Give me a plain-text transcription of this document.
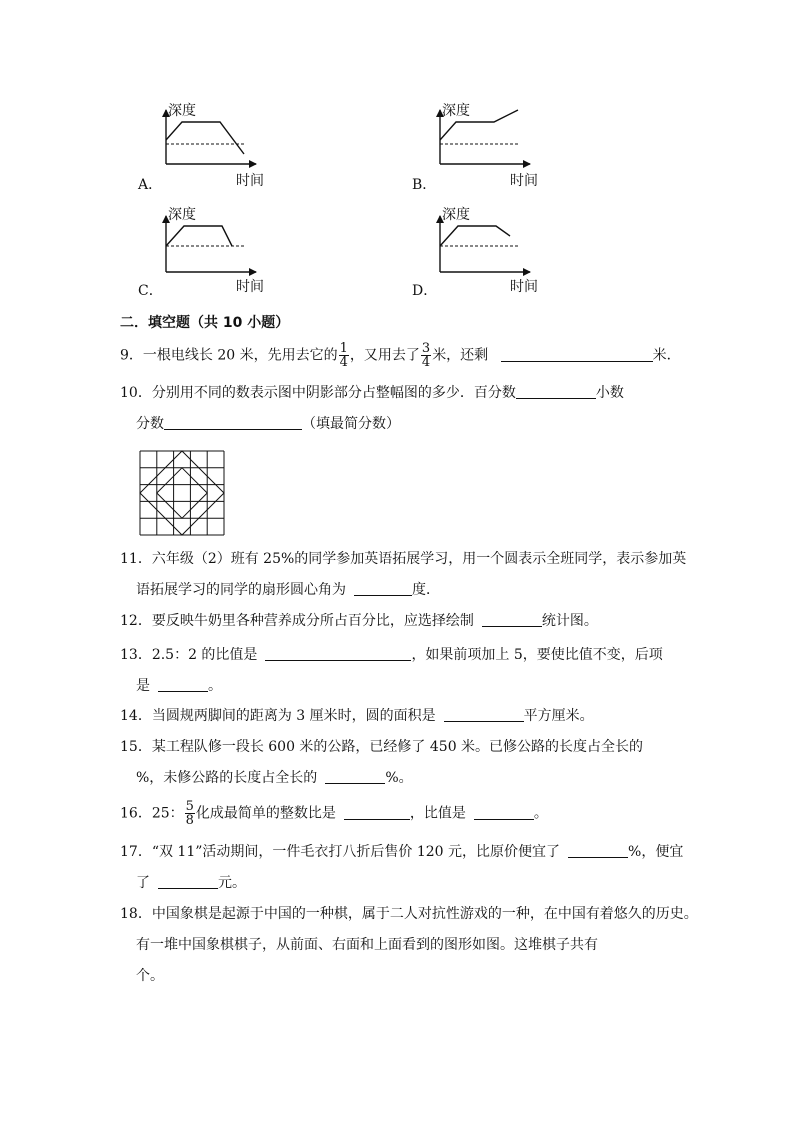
深度
时间
A．
深度
时间
B．
深度
时间
C．
深度
时间
D．
二．填空题（共 10 小题）
9．一根电线长 20 米，先用去它的 $\frac{1}{4}$ ，又用去了 $\frac{3}{4}$ 米，还剩	米．
10．分别用不同的数表示图中阴影部分占整幅图的多少．百分数	小数
分数	（填最简分数）
11．六年级（2）班有 25%的同学参加英语拓展学习，用一个圆表示全班同学，表示参加英
语拓展学习的同学的扇形圆心角为	度．
12．要反映牛奶里各种营养成分所占百分比，应选择绘制	统计图。
13．2.5：2 的比值是	，如果前项加上 5，要使比值不变，后项
是	。
14．当圆规两脚间的距离为 3 厘米时，圆的面积是	平方厘米。
15．某工程队修一段长 600 米的公路，已经修了 450 米。已修公路的长度占全长的
%，未修公路的长度占全长的	%。
16．25： $\frac{5}{8}$ 化成最简单的整数比是	，比值是	。
17．“双 11”活动期间，一件毛衣打八折后售价 120 元，比原价便宜了	%，便宜
了	元。
18．中国象棋是起源于中国的一种棋，属于二人对抗性游戏的一种，在中国有着悠久的历史。
有一堆中国象棋棋子，从前面、右面和上面看到的图形如图。这堆棋子共有
个。
